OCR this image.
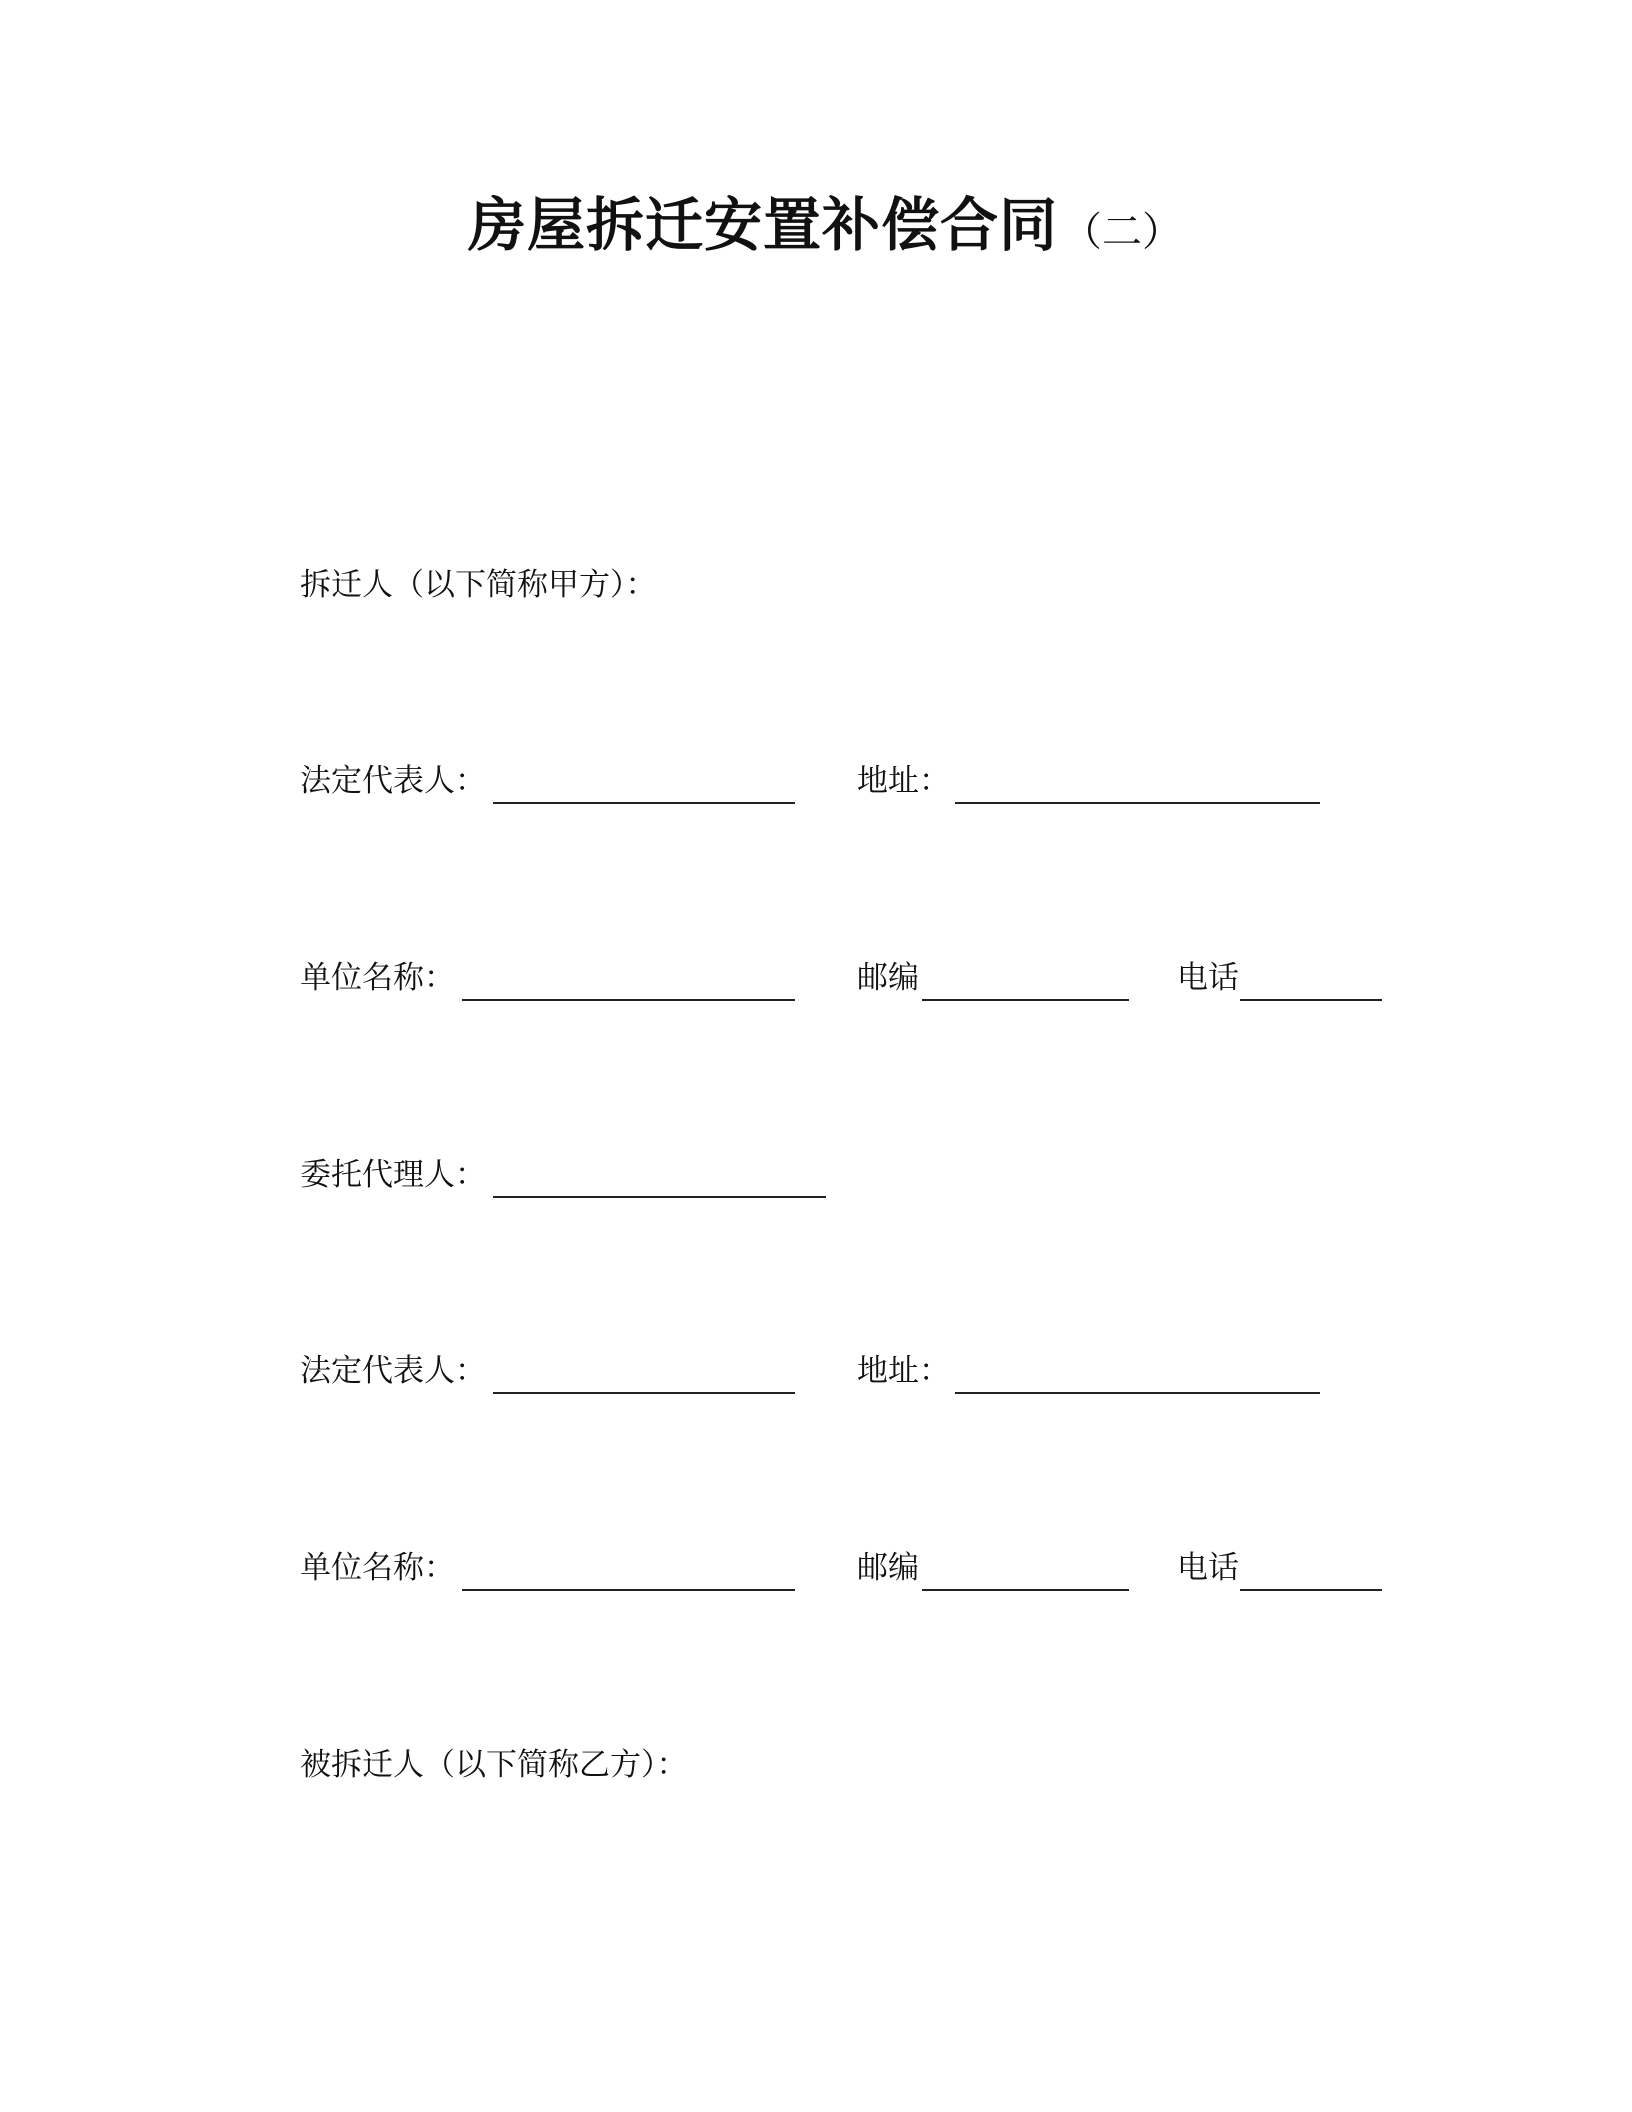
房屋拆迁安置补偿合同 （二）
拆迁人（以下简称甲方）：
法定代表人：	地址：
单位名称：	邮编	电话
委托代理人：
法定代表人：	地址：
单位名称：	邮编	电话
被拆迁人（以下简称乙方）：
